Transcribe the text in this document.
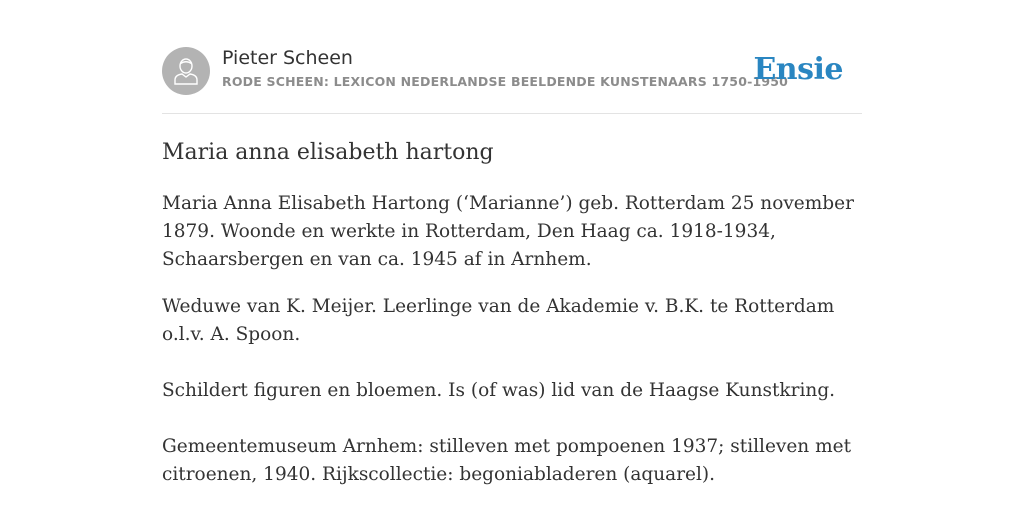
Pieter Scheen
RODE SCHEEN: LEXICON NEDERLANDSE BEELDENDE KUNSTENAARS 1750-1950
Ensie
Maria anna elisabeth hartong

Maria Anna Elisabeth Hartong (‘Marianne’) geb. Rotterdam 25 november 1879. Woonde en werkte in Rotterdam, Den Haag ca. 1918-1934, Schaarsbergen en van ca. 1945 af in Arnhem.

Weduwe van K. Meijer. Leerlinge van de Akademie v. B.K. te Rotterdam o.l.v. A. Spoon.

Schildert figuren en bloemen. Is (of was) lid van de Haagse Kunstkring.

Gemeentemuseum Arnhem: stilleven met pompoenen 1937; stilleven met citroenen, 1940. Rijkscollectie: begoniabladeren (aquarel).
